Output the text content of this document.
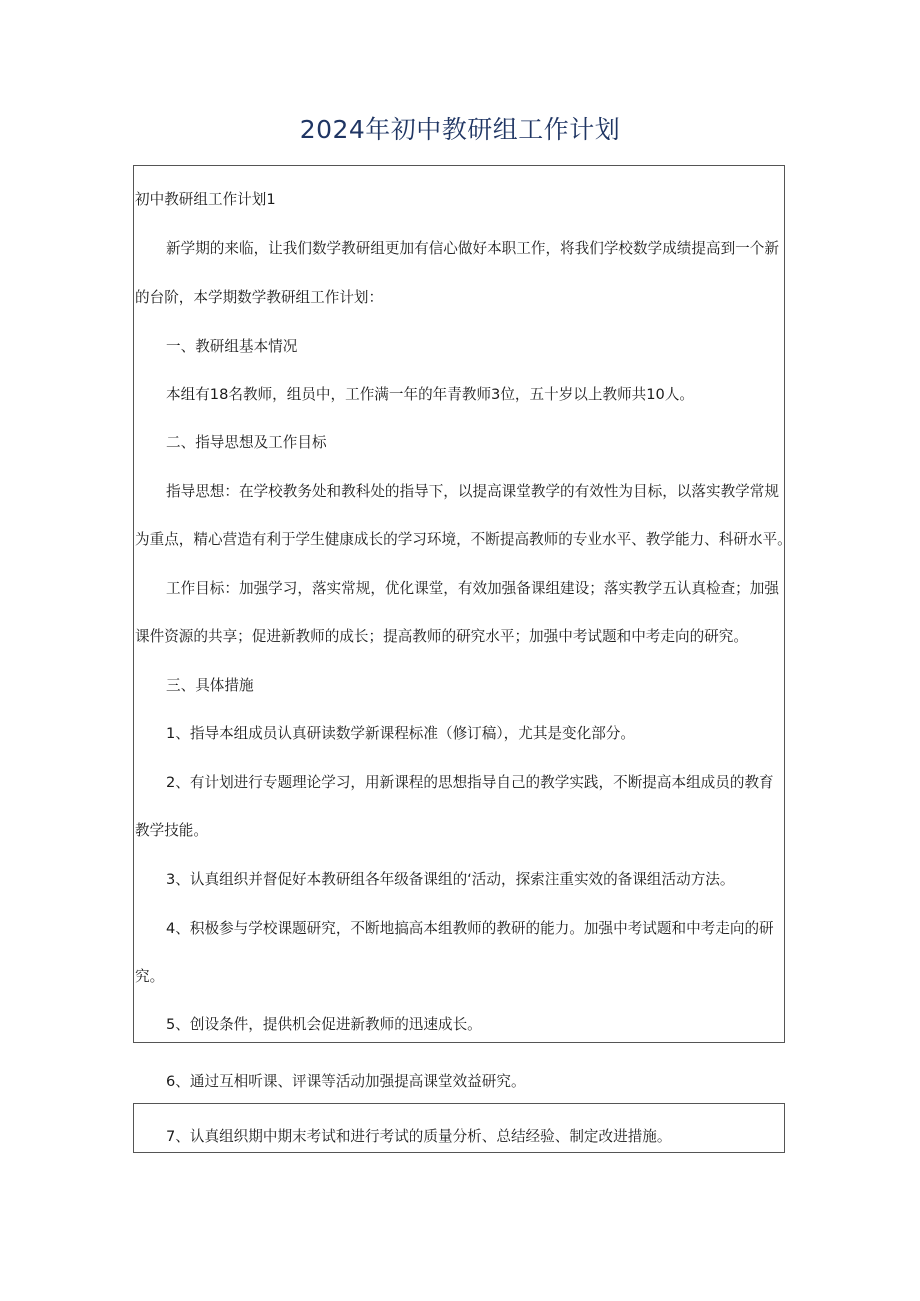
2024年初中教研组工作计划
初中教研组工作计划1
新学期的来临，让我们数学教研组更加有信心做好本职工作，将我们学校数学成绩提高到一个新
的台阶，本学期数学教研组工作计划：
一、教研组基本情况
本组有18名教师，组员中，工作满一年的年青教师3位，五十岁以上教师共10人。
二、指导思想及工作目标
指导思想：在学校教务处和教科处的指导下，以提高课堂教学的有效性为目标，以落实教学常规
为重点，精心营造有利于学生健康成长的学习环境，不断提高教师的专业水平、教学能力、科研水平。
工作目标：加强学习，落实常规，优化课堂，有效加强备课组建设；落实教学五认真检查；加强
课件资源的共享；促进新教师的成长；提高教师的研究水平；加强中考试题和中考走向的研究。
三、具体措施
1、指导本组成员认真研读数学新课程标准（修订稿），尤其是变化部分。
2、有计划进行专题理论学习，用新课程的思想指导自己的教学实践，不断提高本组成员的教育
教学技能。
3、认真组织并督促好本教研组各年级备课组的‘活动，探索注重实效的备课组活动方法。
4、积极参与学校课题研究，不断地搞高本组教师的教研的能力。加强中考试题和中考走向的研
究。
5、创设条件，提供机会促进新教师的迅速成长。
6、通过互相听课、评课等活动加强提高课堂效益研究。
7、认真组织期中期末考试和进行考试的质量分析、总结经验、制定改进措施。
